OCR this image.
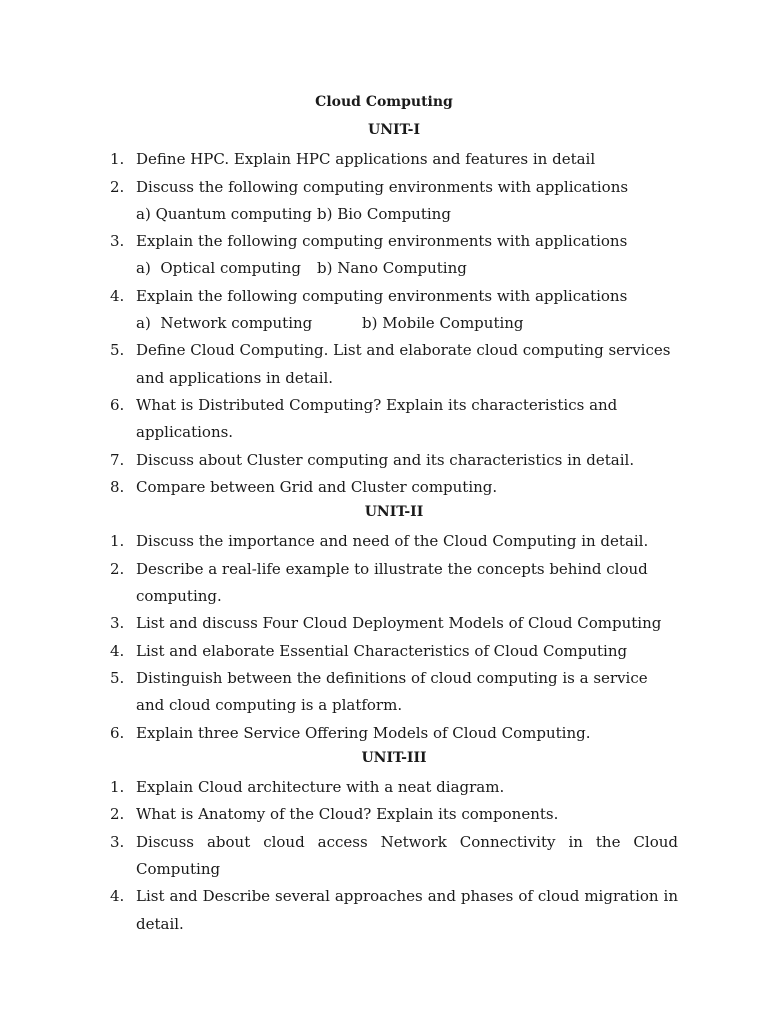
Cloud Computing
UNIT-I
1. Define HPC. Explain HPC applications and features in detail
2. Discuss the following computing environments with applications
a) Quantum computing b) Bio Computing
3. Explain the following computing environments with applications
a)  Optical computing b) Nano Computing
4. Explain the following computing environments with applications
a)  Network computing	b) Mobile Computing
5. Define Cloud Computing. List and elaborate cloud computing services and applications in detail.
6. What is Distributed Computing? Explain its characteristics and applications.
7. Discuss about Cluster computing and its characteristics in detail.
8. Compare between Grid and Cluster computing.
UNIT-II
1. Discuss the importance and need of the Cloud Computing in detail.
2. Describe a real-life example to illustrate the concepts behind cloud computing.
3. List and discuss Four Cloud Deployment Models of Cloud Computing
4. List and elaborate Essential Characteristics of Cloud Computing
5. Distinguish between the definitions of cloud computing is a service and cloud computing is a platform.
6. Explain three Service Offering Models of Cloud Computing.
UNIT-III
1. Explain Cloud architecture with a neat diagram.
2. What is Anatomy of the Cloud? Explain its components.
3. Discuss about cloud access Network Connectivity in the Cloud Computing
4. List and Describe several approaches and phases of cloud migration in detail.
